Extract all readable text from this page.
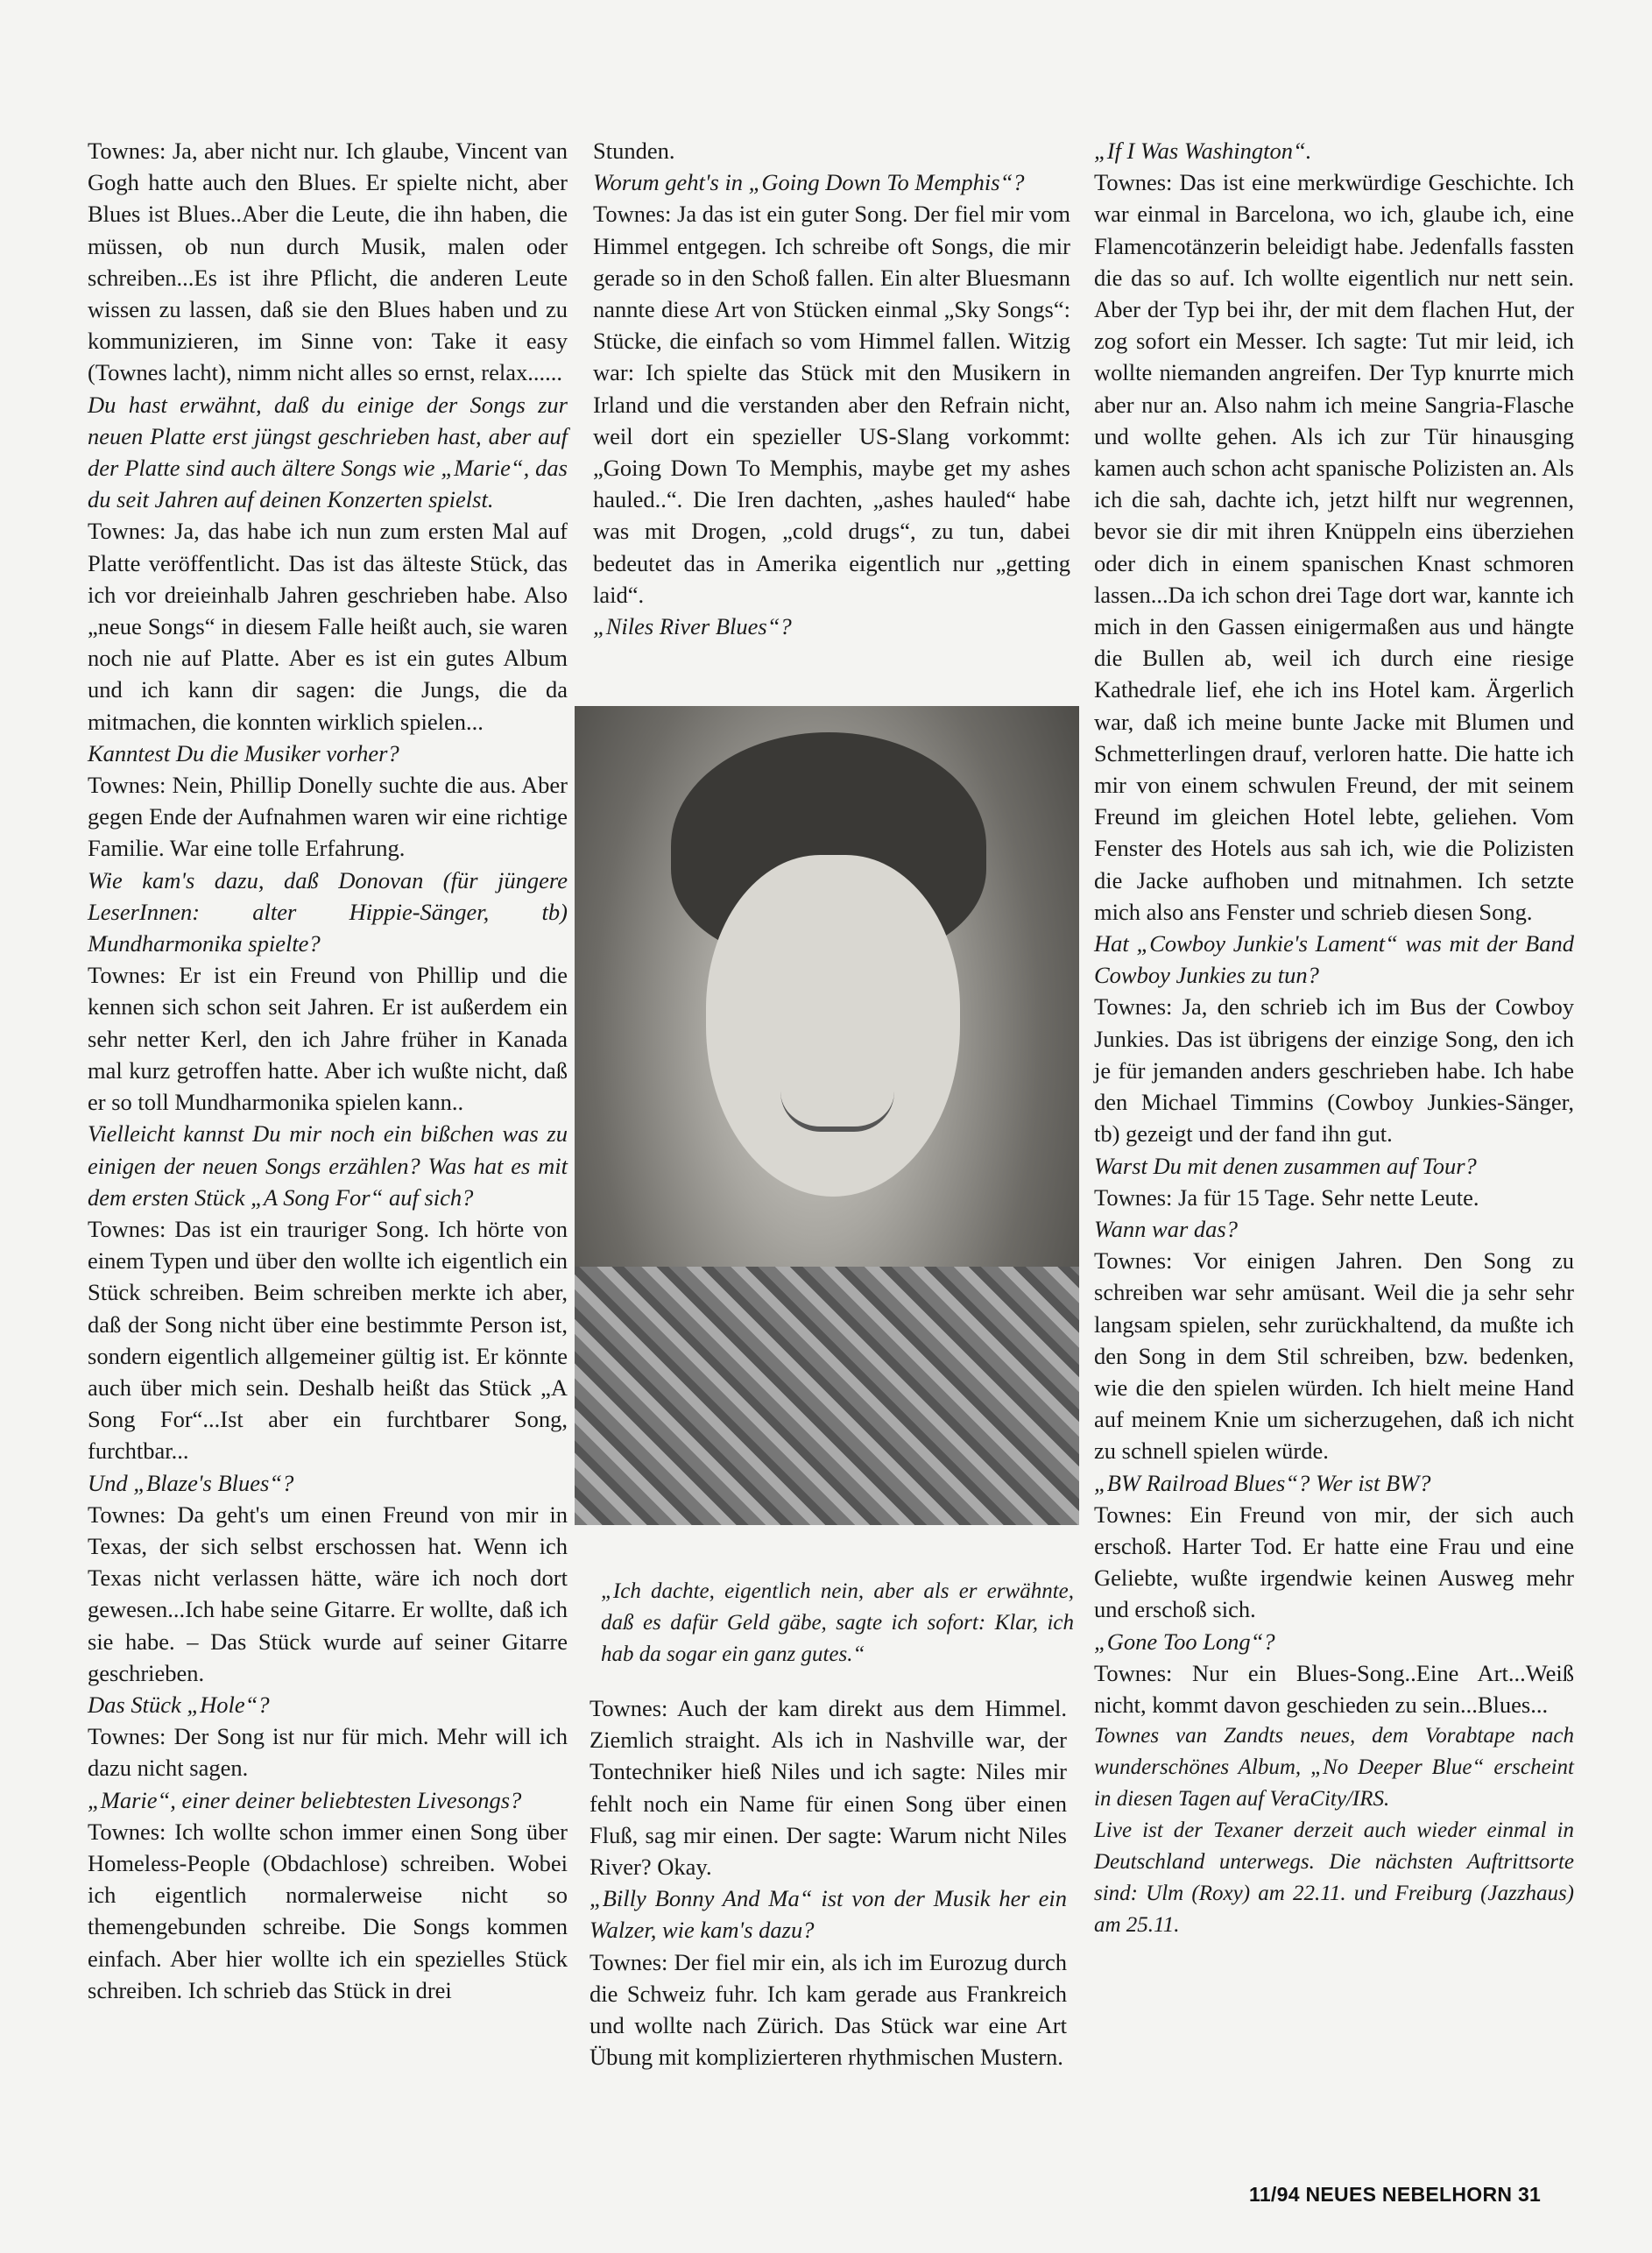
Townes: Ja, aber nicht nur. Ich glaube, Vincent van Gogh hatte auch den Blues. Er spielte nicht, aber Blues ist Blues..Aber die Leute, die ihn haben, die müssen, ob nun durch Musik, malen oder schreiben...Es ist ihre Pflicht, die anderen Leute wissen zu lassen, daß sie den Blues haben und zu kommunizieren, im Sinne von: Take it easy (Townes lacht), nimm nicht alles so ernst, relax......

Du hast erwähnt, daß du einige der Songs zur neuen Platte erst jüngst geschrieben hast, aber auf der Platte sind auch ältere Songs wie „Marie“, das du seit Jahren auf deinen Konzerten spielst.

Townes: Ja, das habe ich nun zum ersten Mal auf Platte veröffentlicht. Das ist das älteste Stück, das ich vor dreieinhalb Jahren geschrieben habe. Also „neue Songs“ in diesem Falle heißt auch, sie waren noch nie auf Platte. Aber es ist ein gutes Album und ich kann dir sagen: die Jungs, die da mitmachen, die konnten wirklich spielen...

Kanntest Du die Musiker vorher?

Townes: Nein, Phillip Donelly suchte die aus. Aber gegen Ende der Aufnahmen waren wir eine richtige Familie. War eine tolle Erfahrung.

Wie kam's dazu, daß Donovan (für jüngere LeserInnen: alter Hippie-Sänger, tb) Mundharmonika spielte?

Townes: Er ist ein Freund von Phillip und die kennen sich schon seit Jahren. Er ist außerdem ein sehr netter Kerl, den ich Jahre früher in Kanada mal kurz getroffen hatte. Aber ich wußte nicht, daß er so toll Mundharmonika spielen kann..

Vielleicht kannst Du mir noch ein bißchen was zu einigen der neuen Songs erzählen? Was hat es mit dem ersten Stück „A Song For“ auf sich?

Townes: Das ist ein trauriger Song. Ich hörte von einem Typen und über den wollte ich eigentlich ein Stück schreiben. Beim schreiben merkte ich aber, daß der Song nicht über eine bestimmte Person ist, sondern eigentlich allgemeiner gültig ist. Er könnte auch über mich sein. Deshalb heißt das Stück „A Song For“...Ist aber ein furchtbarer Song, furchtbar...

Und „Blaze's Blues“?

Townes: Da geht's um einen Freund von mir in Texas, der sich selbst erschossen hat. Wenn ich Texas nicht verlassen hätte, wäre ich noch dort gewesen...Ich habe seine Gitarre. Er wollte, daß ich sie habe. – Das Stück wurde auf seiner Gitarre geschrieben.

Das Stück „Hole“?

Townes: Der Song ist nur für mich. Mehr will ich dazu nicht sagen.

„Marie“, einer deiner beliebtesten Livesongs?

Townes: Ich wollte schon immer einen Song über Homeless-People (Obdachlose) schreiben. Wobei ich eigentlich normalerweise nicht so themengebunden schreibe. Die Songs kommen einfach. Aber hier wollte ich ein spezielles Stück schreiben. Ich schrieb das Stück in drei

Stunden.

Worum geht's in „Going Down To Memphis“?

Townes: Ja das ist ein guter Song. Der fiel mir vom Himmel entgegen. Ich schreibe oft Songs, die mir gerade so in den Schoß fallen. Ein alter Bluesmann nannte diese Art von Stücken einmal „Sky Songs“: Stücke, die einfach so vom Himmel fallen. Witzig war: Ich spielte das Stück mit den Musikern in Irland und die verstanden aber den Refrain nicht, weil dort ein spezieller US-Slang vorkommt: „Going Down To Memphis, maybe get my ashes hauled..“. Die Iren dachten, „ashes hauled“ habe was mit Drogen, „cold drugs“, zu tun, dabei bedeutet das in Amerika eigentlich nur „getting laid“.

„Niles River Blues“?

„Ich dachte, eigentlich nein, aber als er erwähnte, daß es dafür Geld gäbe, sagte ich sofort: Klar, ich hab da sogar ein ganz gutes.“

Townes: Auch der kam direkt aus dem Himmel. Ziemlich straight. Als ich in Nashville war, der Tontechniker hieß Niles und ich sagte: Niles mir fehlt noch ein Name für einen Song über einen Fluß, sag mir einen. Der sagte: Warum nicht Niles River? Okay.

„Billy Bonny And Ma“ ist von der Musik her ein Walzer, wie kam's dazu?

Townes: Der fiel mir ein, als ich im Eurozug durch die Schweiz fuhr. Ich kam gerade aus Frankreich und wollte nach Zürich. Das Stück war eine Art Übung mit komplizierteren rhythmischen Mustern.

„If I Was Washington“.

Townes: Das ist eine merkwürdige Geschichte. Ich war einmal in Barcelona, wo ich, glaube ich, eine Flamencotänzerin beleidigt habe. Jedenfalls fassten die das so auf. Ich wollte eigentlich nur nett sein. Aber der Typ bei ihr, der mit dem flachen Hut, der zog sofort ein Messer. Ich sagte: Tut mir leid, ich wollte niemanden angreifen. Der Typ knurrte mich aber nur an. Also nahm ich meine Sangria-Flasche und wollte gehen. Als ich zur Tür hinausging kamen auch schon acht spanische Polizisten an. Als ich die sah, dachte ich, jetzt hilft nur wegrennen, bevor sie dir mit ihren Knüppeln eins überziehen oder dich in einem spanischen Knast schmoren lassen...Da ich schon drei Tage dort war, kannte ich mich in den Gassen einigermaßen aus und hängte die Bullen ab, weil ich durch eine riesige Kathedrale lief, ehe ich ins Hotel kam. Ärgerlich war, daß ich meine bunte Jacke mit Blumen und Schmetterlingen drauf, verloren hatte. Die hatte ich mir von einem schwulen Freund, der mit seinem Freund im gleichen Hotel lebte, geliehen. Vom Fenster des Hotels aus sah ich, wie die Polizisten die Jacke aufhoben und mitnahmen. Ich setzte mich also ans Fenster und schrieb diesen Song.

Hat „Cowboy Junkie's Lament“ was mit der Band Cowboy Junkies zu tun?

Townes: Ja, den schrieb ich im Bus der Cowboy Junkies. Das ist übrigens der einzige Song, den ich je für jemanden anders geschrieben habe. Ich habe den Michael Timmins (Cowboy Junkies-Sänger, tb) gezeigt und der fand ihn gut.

Warst Du mit denen zusammen auf Tour?

Townes: Ja für 15 Tage. Sehr nette Leute.

Wann war das?

Townes: Vor einigen Jahren. Den Song zu schreiben war sehr amüsant. Weil die ja sehr sehr langsam spielen, sehr zurückhaltend, da mußte ich den Song in dem Stil schreiben, bzw. bedenken, wie die den spielen würden. Ich hielt meine Hand auf meinem Knie um sicherzugehen, daß ich nicht zu schnell spielen würde.

„BW Railroad Blues“? Wer ist BW?

Townes: Ein Freund von mir, der sich auch erschoß. Harter Tod. Er hatte eine Frau und eine Geliebte, wußte irgendwie keinen Ausweg mehr und erschoß sich.

„Gone Too Long“?

Townes: Nur ein Blues-Song..Eine Art...Weiß nicht, kommt davon geschieden zu sein...Blues...

Townes van Zandts neues, dem Vorabtape nach wunderschönes Album, „No Deeper Blue“ erscheint in diesen Tagen auf VeraCity/IRS.

Live ist der Texaner derzeit auch wieder einmal in Deutschland unterwegs. Die nächsten Auftrittsorte sind: Ulm (Roxy) am 22.11. und Freiburg (Jazzhaus) am 25.11.

11/94 NEUES NEBELHORN 31
